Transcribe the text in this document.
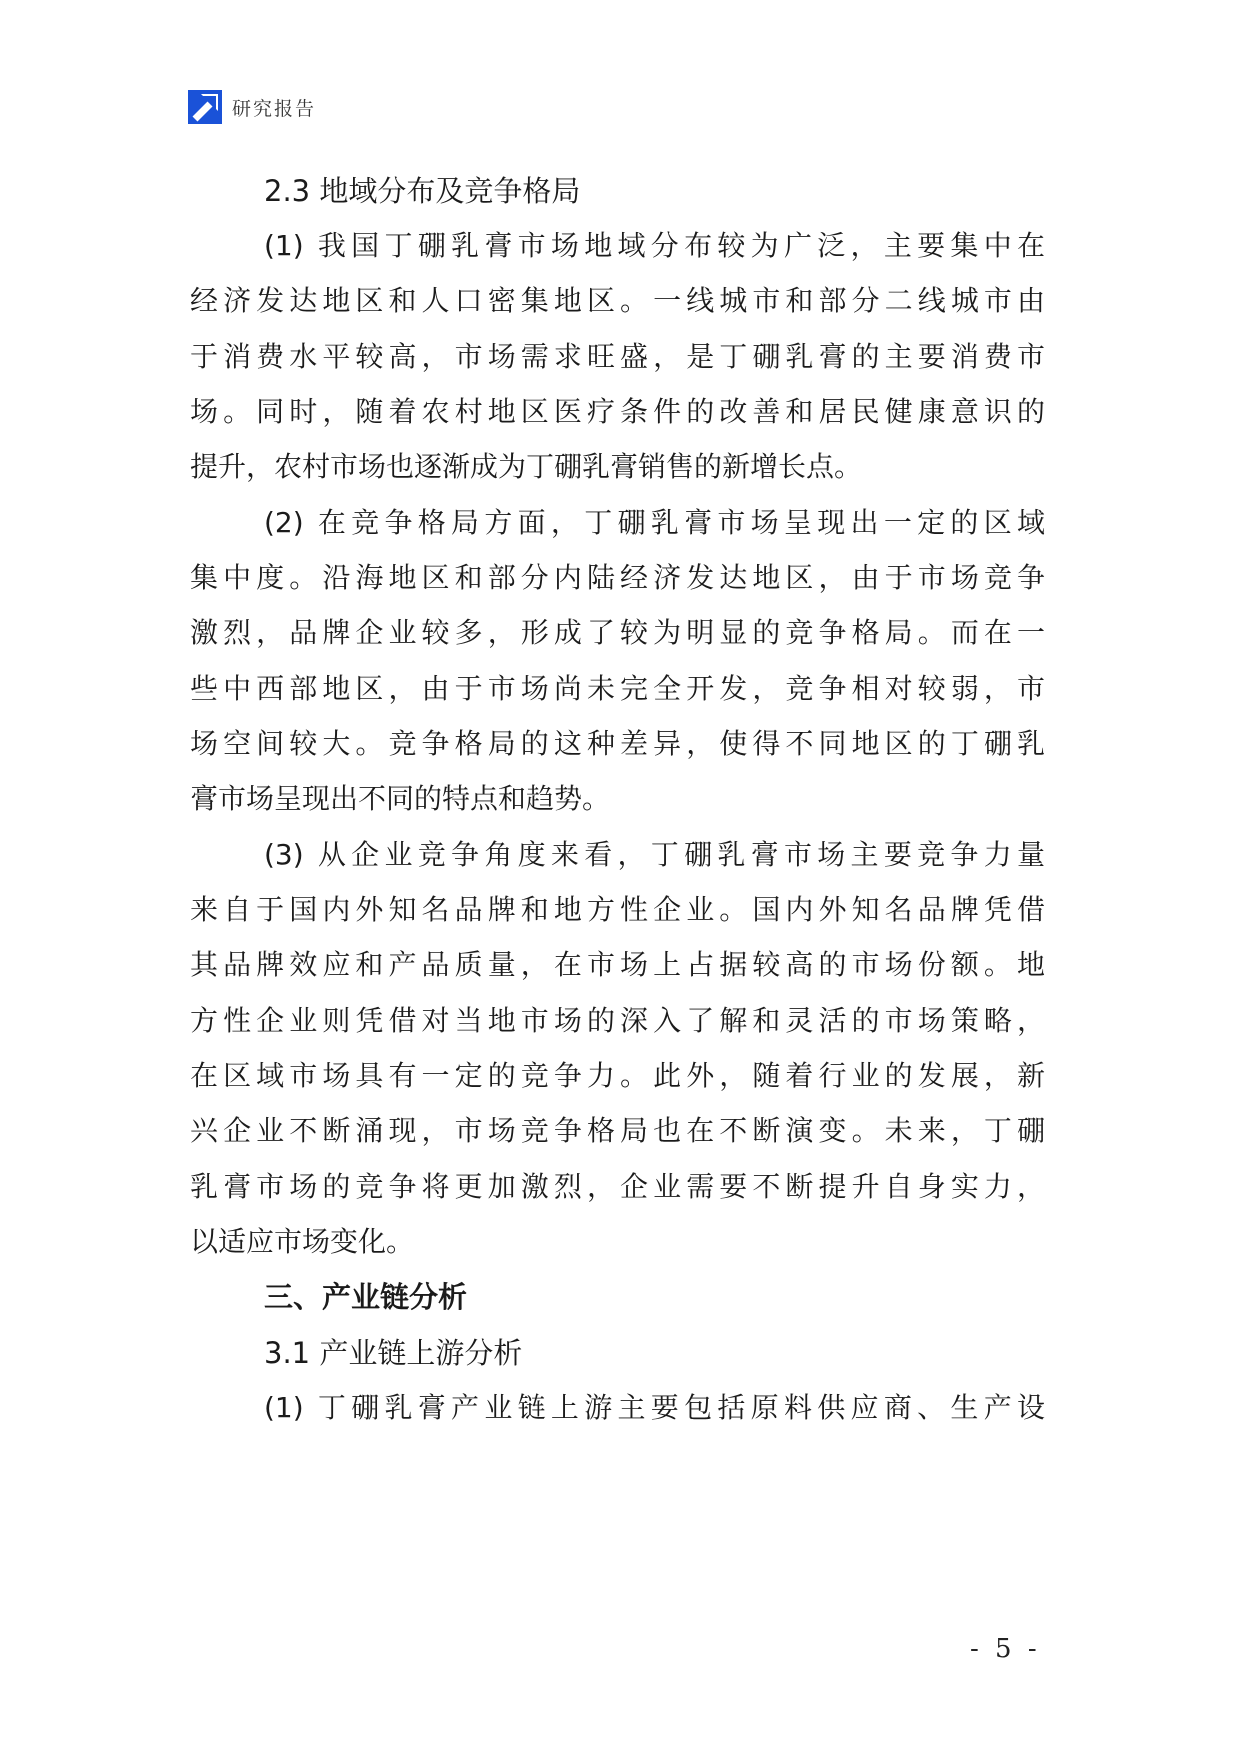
研究报告
2.3 地域分布及竞争格局
(1) 我国丁硼乳膏市场地域分布较为广泛，主要集中在
经济发达地区和人口密集地区。一线城市和部分二线城市由
于消费水平较高，市场需求旺盛，是丁硼乳膏的主要消费市
场。同时，随着农村地区医疗条件的改善和居民健康意识的
提升，农村市场也逐渐成为丁硼乳膏销售的新增长点。
(2) 在竞争格局方面，丁硼乳膏市场呈现出一定的区域
集中度。沿海地区和部分内陆经济发达地区，由于市场竞争
激烈，品牌企业较多，形成了较为明显的竞争格局。而在一
些中西部地区，由于市场尚未完全开发，竞争相对较弱，市
场空间较大。竞争格局的这种差异，使得不同地区的丁硼乳
膏市场呈现出不同的特点和趋势。
(3) 从企业竞争角度来看，丁硼乳膏市场主要竞争力量
来自于国内外知名品牌和地方性企业。国内外知名品牌凭借
其品牌效应和产品质量，在市场上占据较高的市场份额。地
方性企业则凭借对当地市场的深入了解和灵活的市场策略，
在区域市场具有一定的竞争力。此外，随着行业的发展，新
兴企业不断涌现，市场竞争格局也在不断演变。未来，丁硼
乳膏市场的竞争将更加激烈，企业需要不断提升自身实力，
以适应市场变化。
三、产业链分析
3.1 产业链上游分析
(1) 丁硼乳膏产业链上游主要包括原料供应商、生产设
- 5 -
